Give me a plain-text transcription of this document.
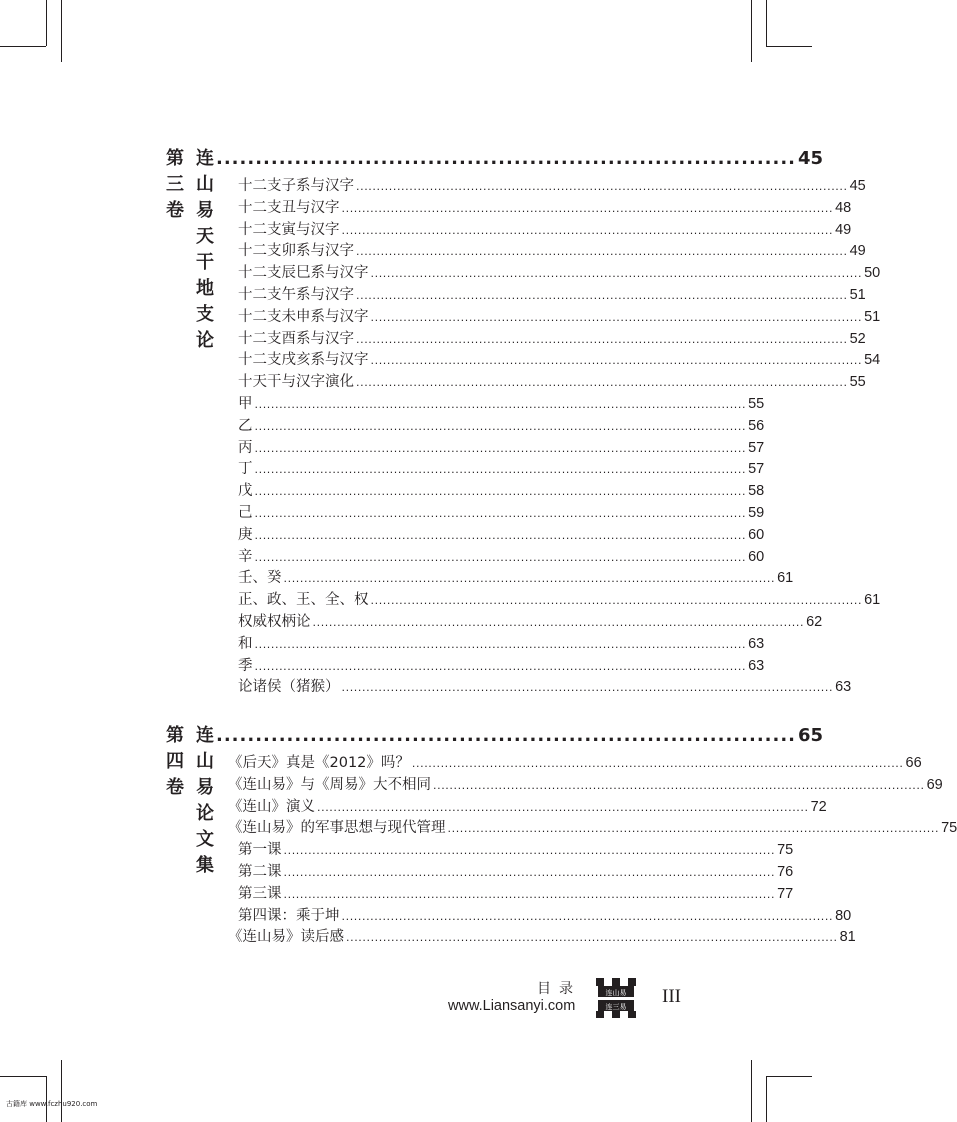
第三卷
连山易天干地支论
.......................................................................... 45
十二支子系与汉字 ........................................................................................................................ 45
十二支丑与汉字 ........................................................................................................................ 48
十二支寅与汉字 ........................................................................................................................ 49
十二支卯系与汉字 ........................................................................................................................ 49
十二支辰巳系与汉字 ........................................................................................................................ 50
十二支午系与汉字 ........................................................................................................................ 51
十二支未申系与汉字 ........................................................................................................................ 51
十二支酉系与汉字 ........................................................................................................................ 52
十二支戌亥系与汉字 ........................................................................................................................ 54
十天干与汉字演化 ........................................................................................................................ 55
甲 ........................................................................................................................ 55
乙 ........................................................................................................................ 56
丙 ........................................................................................................................ 57
丁 ........................................................................................................................ 57
戊 ........................................................................................................................ 58
己 ........................................................................................................................ 59
庚 ........................................................................................................................ 60
辛 ........................................................................................................................ 60
壬、癸 ........................................................................................................................ 61
正、政、王、全、权 ........................................................................................................................ 61
权威权柄论 ........................................................................................................................ 62
和 ........................................................................................................................ 63
季 ........................................................................................................................ 63
论诸侯（猪猴） ........................................................................................................................ 63
第四卷
连山易论文集
.......................................................................... 65
《后天》真是《2012》吗？ ........................................................................................................................ 66
《连山易》与《周易》大不相同 ........................................................................................................................ 69
《连山》演义 ........................................................................................................................ 72
《连山易》的军事思想与现代管理 ........................................................................................................................ 75
第一课 ........................................................................................................................ 75
第二课 ........................................................................................................................ 76
第三课 ........................................................................................................................ 77
第四课：乘于坤 ........................................................................................................................ 80
《连山易》读后感 ........................................................................................................................ 81
目录
www.Liansanyi.com
连山易
连三易 III
古籍库 www.fczhu920.com
